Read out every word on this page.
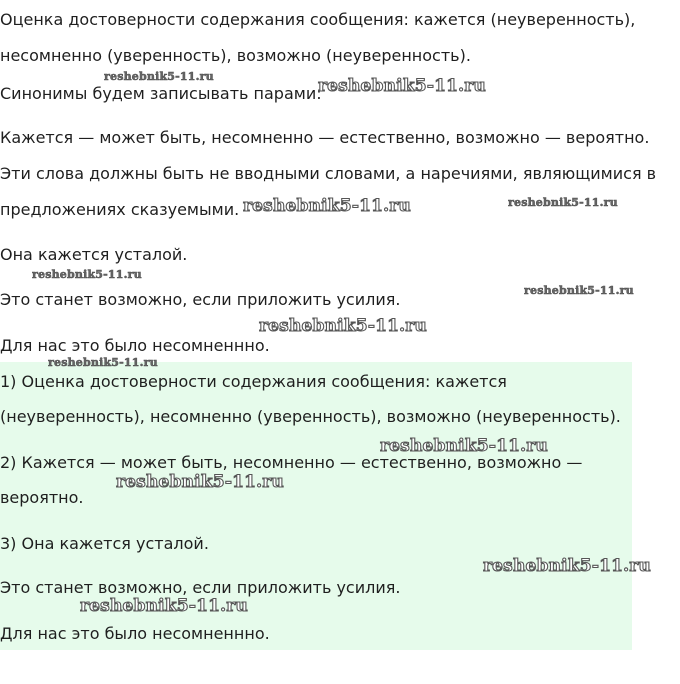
Оценка достоверности содержания сообщения: кажется (неуверенность),

несомненно (уверенность), возможно (неуверенность).

Синонимы будем записывать парами:

Кажется — может быть, несомненно — естественно, возможно — вероятно.

Эти слова должны быть не вводными словами, а наречиями, являющимися в

предложениях сказуемыми.

Она кажется усталой.

Это станет возможно, если приложить усилия.

Для нас это было несомненнно.

1) Оценка достоверности содержания сообщения: кажется

(неуверенность), несомненно (уверенность), возможно (неуверенность).

2) Кажется — может быть, несомненно — естественно, возможно —

вероятно.

3) Она кажется усталой.

Это станет возможно, если приложить усилия.

Для нас это было несомненнно.

reshebnik5-11.ru	reshebnik5-11.ru
reshebnik5-11.ru	reshebnik5-11.ru
reshebnik5-11.ru
reshebnik5-11.ru
reshebnik5-11.ru
reshebnik5-11.ru
reshebnik5-11.ru
reshebnik5-11.ru
reshebnik5-11.ru
reshebnik5-11.ru
